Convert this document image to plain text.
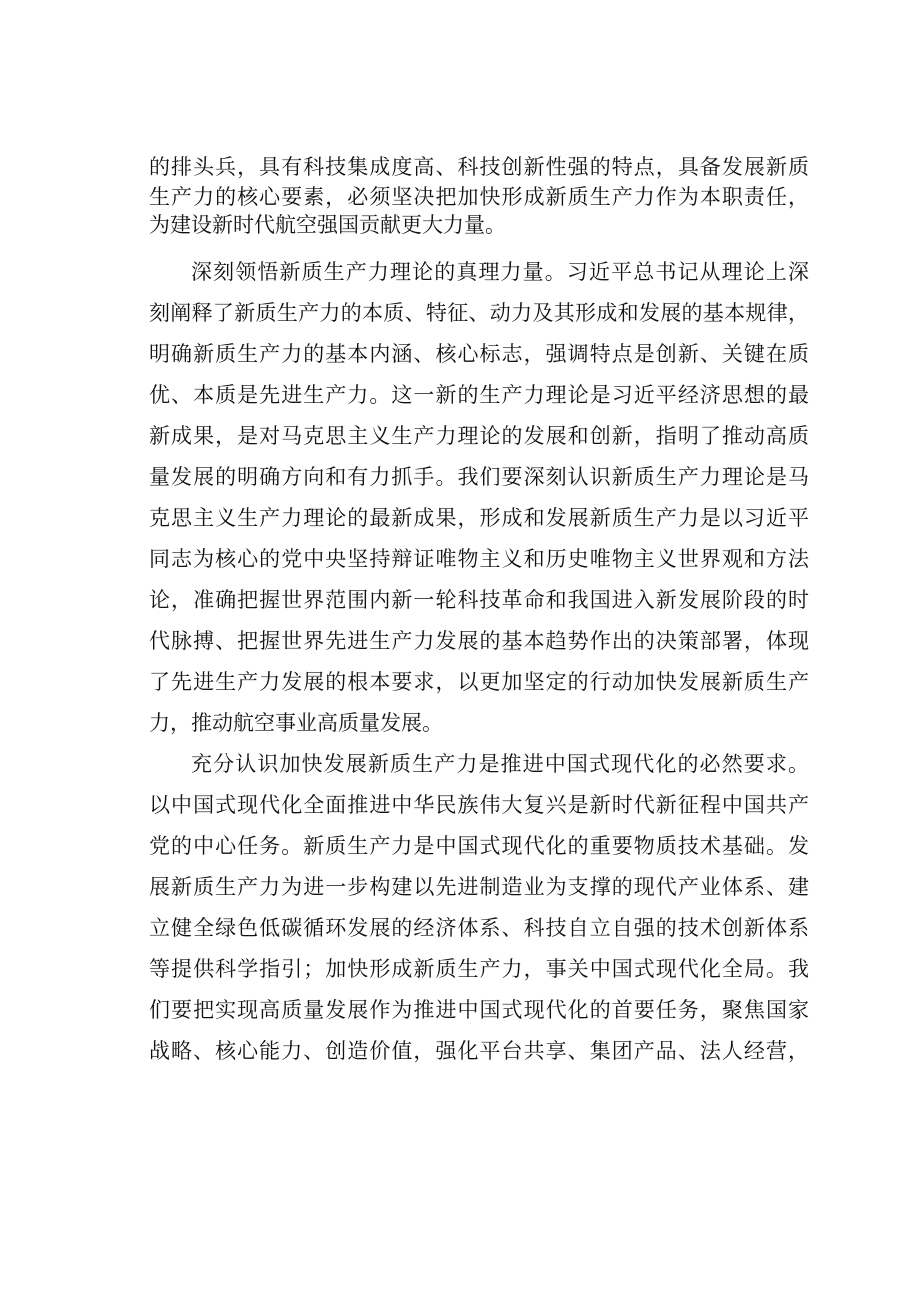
的排头兵，具有科技集成度高、科技创新性强的特点，具备发展新质

生产力的核心要素，必须坚决把加快形成新质生产力作为本职责任，

为建设新时代航空强国贡献更大力量。

深刻领悟新质生产力理论的真理力量。习近平总书记从理论上深

刻阐释了新质生产力的本质、特征、动力及其形成和发展的基本规律，

明确新质生产力的基本内涵、核心标志，强调特点是创新、关键在质

优、本质是先进生产力。这一新的生产力理论是习近平经济思想的最

新成果，是对马克思主义生产力理论的发展和创新，指明了推动高质

量发展的明确方向和有力抓手。我们要深刻认识新质生产力理论是马

克思主义生产力理论的最新成果，形成和发展新质生产力是以习近平

同志为核心的党中央坚持辩证唯物主义和历史唯物主义世界观和方法

论，准确把握世界范围内新一轮科技革命和我国进入新发展阶段的时

代脉搏、把握世界先进生产力发展的基本趋势作出的决策部署，体现

了先进生产力发展的根本要求，以更加坚定的行动加快发展新质生产

力，推动航空事业高质量发展。

充分认识加快发展新质生产力是推进中国式现代化的必然要求。

以中国式现代化全面推进中华民族伟大复兴是新时代新征程中国共产

党的中心任务。新质生产力是中国式现代化的重要物质技术基础。发

展新质生产力为进一步构建以先进制造业为支撑的现代产业体系、建

立健全绿色低碳循环发展的经济体系、科技自立自强的技术创新体系

等提供科学指引；加快形成新质生产力，事关中国式现代化全局。我

们要把实现高质量发展作为推进中国式现代化的首要任务，聚焦国家

战略、核心能力、创造价值，强化平台共享、集团产品、法人经营，
